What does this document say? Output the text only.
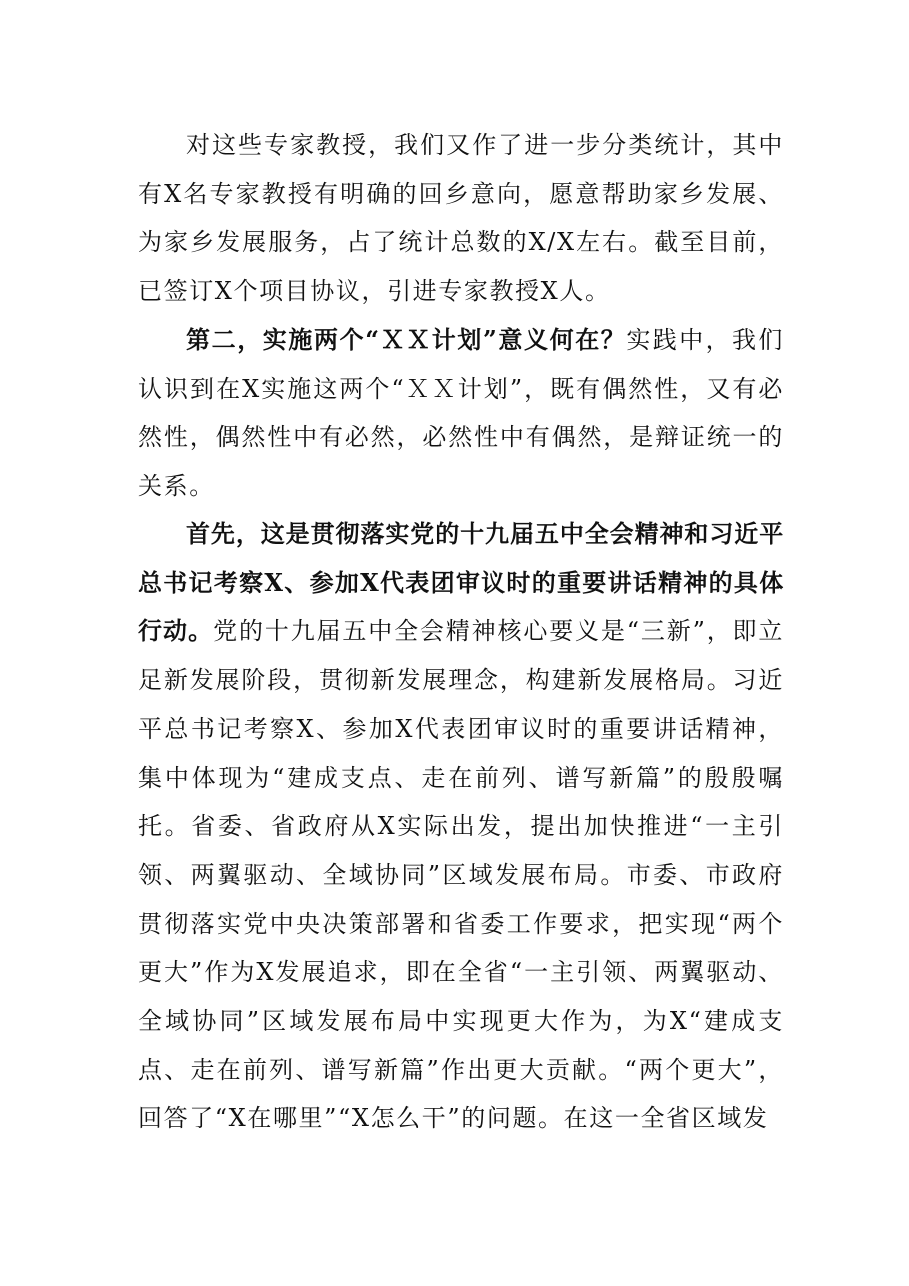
对这些专家教授，我们又作了进一步分类统计，其中有X名专家教授有明确的回乡意向，愿意帮助家乡发展、为家乡发展服务，占了统计总数的X/X左右。截至目前，已签订X个项目协议，引进专家教授X人。

第二，实施两个“ＸＸ计划”意义何在？实践中，我们认识到在X实施这两个“ＸＸ计划”，既有偶然性，又有必然性，偶然性中有必然，必然性中有偶然，是辩证统一的关系。

首先，这是贯彻落实党的十九届五中全会精神和习近平总书记考察X、参加X代表团审议时的重要讲话精神的具体行动。党的十九届五中全会精神核心要义是“三新”，即立足新发展阶段，贯彻新发展理念，构建新发展格局。习近平总书记考察X、参加X代表团审议时的重要讲话精神，集中体现为“建成支点、走在前列、谱写新篇”的殷殷嘱托。省委、省政府从X实际出发，提出加快推进“一主引领、两翼驱动、全域协同”区域发展布局。市委、市政府贯彻落实党中央决策部署和省委工作要求，把实现“两个更大”作为X发展追求，即在全省“一主引领、两翼驱动、全域协同”区域发展布局中实现更大作为，为X“建成支点、走在前列、谱写新篇”作出更大贡献。“两个更大”，回答了“X在哪里”“X怎么干”的问题。在这一全省区域发
